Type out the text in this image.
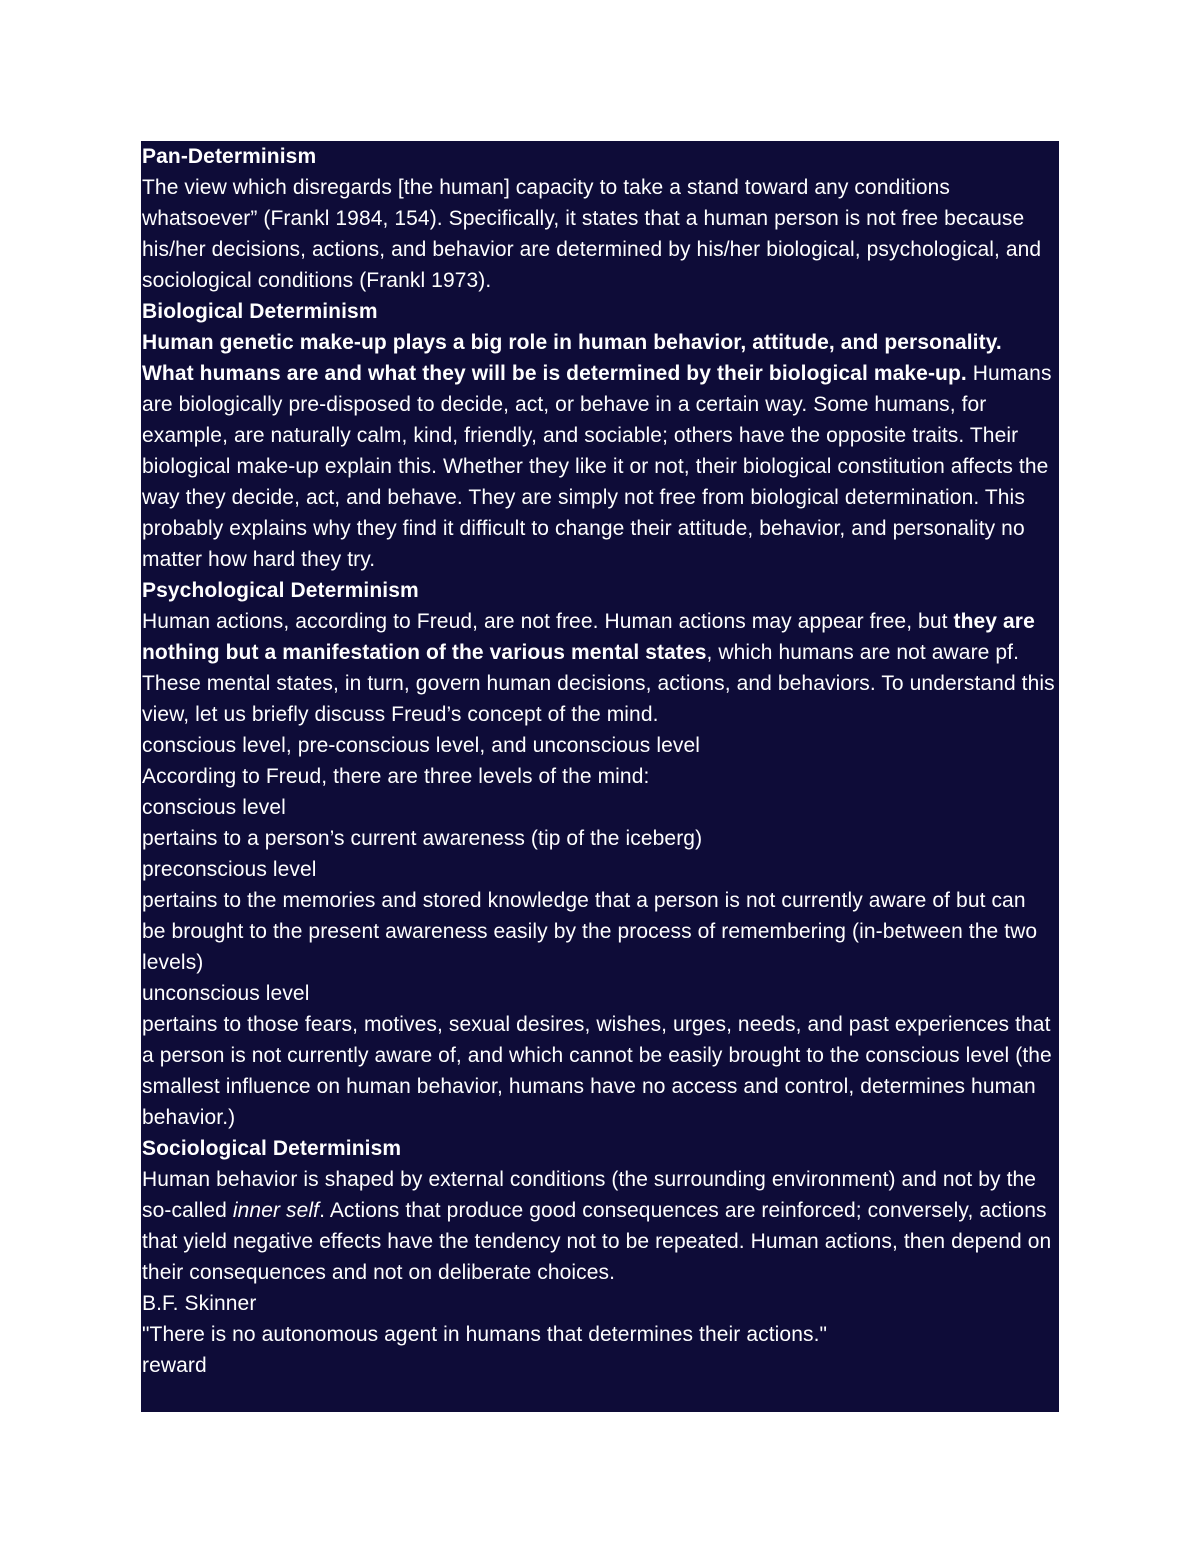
Pan-Determinism
The view which disregards [the human] capacity to take a stand toward any conditions whatsoever” (Frankl 1984, 154). Specifically, it states that a human person is not free because his/her decisions, actions, and behavior are determined by his/her biological, psychological, and sociological conditions (Frankl 1973).
Biological Determinism
Human genetic make-up plays a big role in human behavior, attitude, and personality. What humans are and what they will be is determined by their biological make-up. Humans are biologically pre-disposed to decide, act, or behave in a certain way. Some humans, for example, are naturally calm, kind, friendly, and sociable; others have the opposite traits. Their biological make-up explain this. Whether they like it or not, their biological constitution affects the way they decide, act, and behave. They are simply not free from biological determination. This probably explains why they find it difficult to change their attitude, behavior, and personality no matter how hard they try.
Psychological Determinism
Human actions, according to Freud, are not free. Human actions may appear free, but they are nothing but a manifestation of the various mental states, which humans are not aware pf. These mental states, in turn, govern human decisions, actions, and behaviors. To understand this view, let us briefly discuss Freud’s concept of the mind.
conscious level, pre-conscious level, and unconscious level
According to Freud, there are three levels of the mind:
conscious level
pertains to a person’s current awareness (tip of the iceberg)
preconscious level
pertains to the memories and stored knowledge that a person is not currently aware of but can be brought to the present awareness easily by the process of remembering (in-between the two levels)
unconscious level
pertains to those fears, motives, sexual desires, wishes, urges, needs, and past experiences that a person is not currently aware of, and which cannot be easily brought to the conscious level (the smallest influence on human behavior, humans have no access and control, determines human behavior.)
Sociological Determinism
Human behavior is shaped by external conditions (the surrounding environment) and not by the so-called inner self. Actions that produce good consequences are reinforced; conversely, actions that yield negative effects have the tendency not to be repeated. Human actions, then depend on their consequences and not on deliberate choices.
B.F. Skinner
"There is no autonomous agent in humans that determines their actions."
reward
